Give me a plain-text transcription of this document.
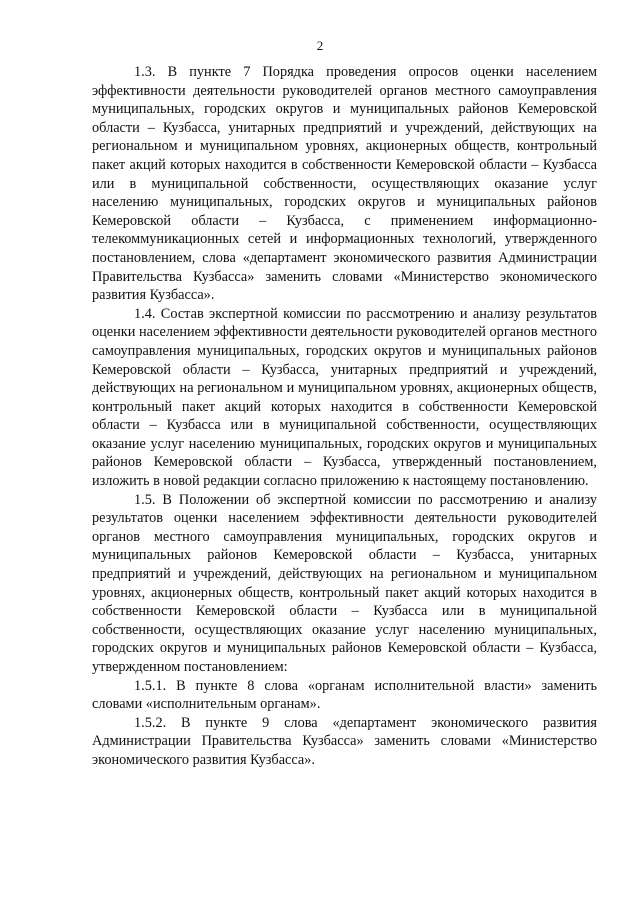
2

1.3. В пункте 7 Порядка проведения опросов оценки населением эффективности деятельности руководителей органов местного самоуправления муниципальных, городских округов и муниципальных районов Кемеровской области – Кузбасса, унитарных предприятий и учреждений, действующих на региональном и муниципальном уровнях, акционерных обществ, контрольный пакет акций которых находится в собственности Кемеровской области – Кузбасса или в муниципальной собственности, осуществляющих оказание услуг населению муниципальных, городских округов и муниципальных районов Кемеровской области – Кузбасса, с применением информационно-телекоммуникационных сетей и информационных технологий, утвержденного постановлением, слова «департамент экономического развития Администрации Правительства Кузбасса» заменить словами «Министерство экономического развития Кузбасса».

1.4. Состав экспертной комиссии по рассмотрению и анализу результатов оценки населением эффективности деятельности руководителей органов местного самоуправления муниципальных, городских округов и муниципальных районов Кемеровской области – Кузбасса, унитарных предприятий и учреждений, действующих на региональном и муниципальном уровнях, акционерных обществ, контрольный пакет акций которых находится в собственности Кемеровской области – Кузбасса или в муниципальной собственности, осуществляющих оказание услуг населению муниципальных, городских округов и муниципальных районов Кемеровской области – Кузбасса, утвержденный постановлением, изложить в новой редакции согласно приложению к настоящему постановлению.

1.5. В Положении об экспертной комиссии по рассмотрению и анализу результатов оценки населением эффективности деятельности руководителей органов местного самоуправления муниципальных, городских округов и муниципальных районов Кемеровской области – Кузбасса, унитарных предприятий и учреждений, действующих на региональном и муниципальном уровнях, акционерных обществ, контрольный пакет акций которых находится в собственности Кемеровской области – Кузбасса или в муниципальной собственности, осуществляющих оказание услуг населению муниципальных, городских округов и муниципальных районов Кемеровской области – Кузбасса, утвержденном постановлением:

1.5.1. В пункте 8 слова «органам исполнительной власти» заменить словами «исполнительным органам».

1.5.2. В пункте 9 слова «департамент экономического развития Администрации Правительства Кузбасса» заменить словами «Министерство экономического развития Кузбасса».
